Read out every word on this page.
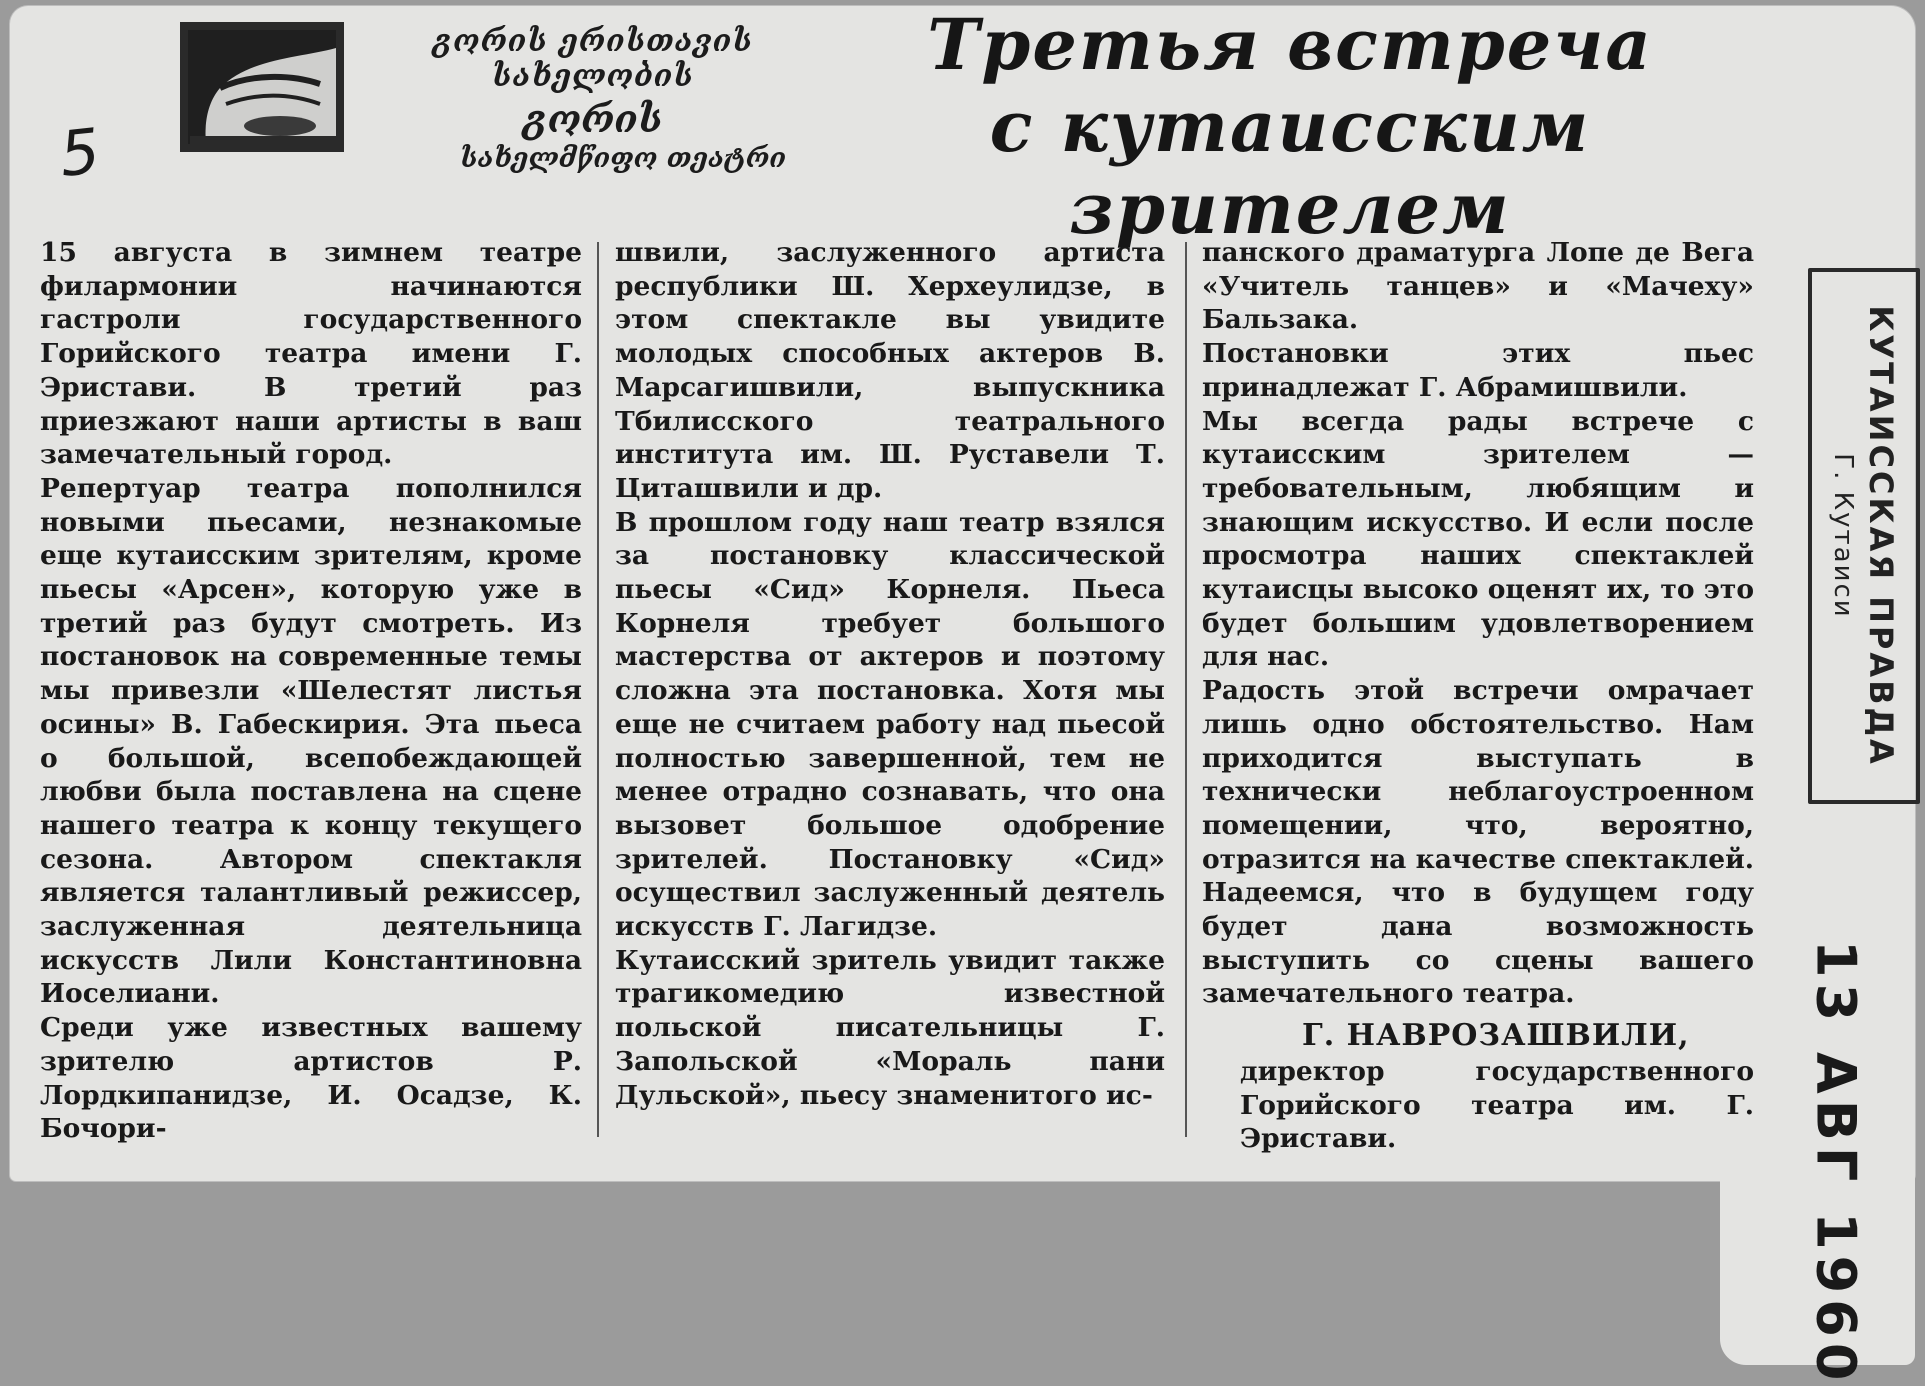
გორის ერისთავის სახელობის
გორის
სახელმწიფო თეატრი
5
Третья встреча
с кутаисским
зрителем

15 августа в зимнем театре филармонии начинаются гастроли государственного Горийского театра имени Г. Эристави. В третий раз приезжают наши артисты в ваш замечательный город.

Репертуар театра пополнился новыми пьесами, незнакомые еще кутаисским зрителям, кроме пьесы «Арсен», которую уже в третий раз будут смотреть. Из постановок на современные темы мы привезли «Шелестят листья осины» В. Габескирия. Эта пьеса о большой, всепобеждающей любви была поставлена на сцене нашего театра к концу текущего сезона. Автором спектакля является талантливый режиссер, заслуженная деятельница искусств Лили Константиновна Иоселиани.

Среди уже известных вашему зрителю артистов Р. Лордкипанидзе, И. Осадзе, К. Бочори-

швили, заслуженного артиста республики Ш. Херхеулидзе, в этом спектакле вы увидите молодых способных актеров В. Марсагишвили, выпускника Тбилисского театрального института им. Ш. Руставели Т. Циташвили и др.

В прошлом году наш театр взялся за постановку классической пьесы «Сид» Корнеля. Пьеса Корнеля требует большого мастерства от актеров и поэтому сложна эта постановка. Хотя мы еще не считаем работу над пьесой полностью завершенной, тем не менее отрадно сознавать, что она вызовет большое одобрение зрителей. Постановку «Сид» осуществил заслуженный деятель искусств Г. Лагидзе.

Кутаисский зритель увидит также трагикомедию известной польской писательницы Г. Запольской «Мораль пани Дульской», пьесу знаменитого ис-

панского драматурга Лопе де Вега «Учитель танцев» и «Мачеху» Бальзака.

Постановки этих пьес принадлежат Г. Абрамишвили.

Мы всегда рады встрече с кутаисским зрителем — требовательным, любящим и знающим искусство. И если после просмотра наших спектаклей кутаисцы высоко оценят их, то это будет большим удовлетворением для нас.

Радость этой встречи омрачает лишь одно обстоятельство. Нам приходится выступать в технически неблагоустроенном помещении, что, вероятно, отразится на качестве спектаклей. Надеемся, что в будущем году будет дана возможность выступить со сцены вашего замечательного театра.

Г. НАВРОЗАШВИЛИ,
директор государственного Горийского театра им. Г. Эристави.
КУТАИССКАЯ ПРАВДА
Г. Кутаиси
13 АВГ 1960
